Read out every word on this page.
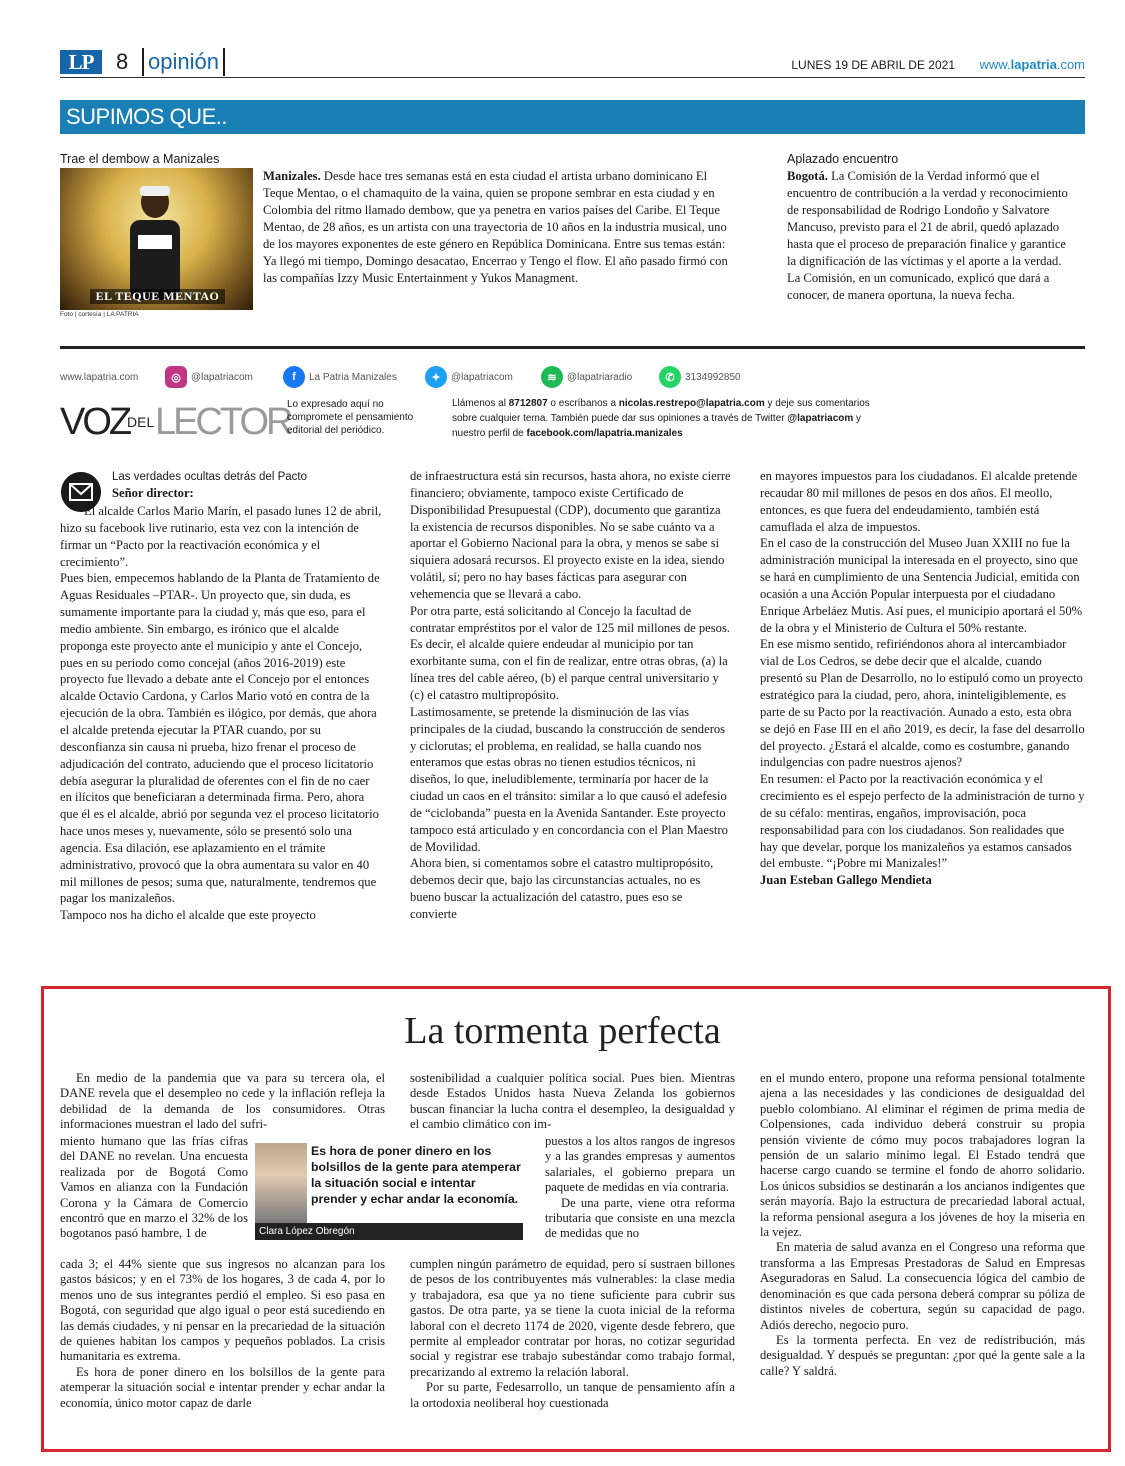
LP	8 opinión	LUNES 19 DE ABRIL DE 2021 www.lapatria.com
SUPIMOS QUE..
Trae el dembow a Manizales
EL TEQUE MENTAO
Foto | cortesía | LA PATRIA
Manizales. Desde hace tres semanas está en esta ciudad el artista urbano dominicano El Teque Mentao, o el chamaquito de la vaina, quien se propone sembrar en esta ciudad y en Colombia del ritmo llamado dembow, que ya penetra en varios países del Caribe. El Teque Mentao, de 28 años, es un artista con una trayectoria de 10 años en la industria musical, uno de los mayores exponentes de este género en República Dominicana. Entre sus temas están: Ya llegó mi tiempo, Domingo desacatao, Encerrao y Tengo el flow. El año pasado firmó con las compañías Izzy Music Entertainment y Yukos Managment.
Aplazado encuentro
Bogotá. La Comisión de la Verdad informó que el encuentro de contribución a la verdad y reconocimiento de responsabilidad de Rodrigo Londoño y Salvatore Mancuso, previsto para el 21 de abril, quedó aplazado hasta que el proceso de preparación finalice y garantice la dignificación de las víctimas y el aporte a la verdad. La Comisión, en un comunicado, explicó que dará a conocer, de manera oportuna, la nueva fecha.
www.lapatria.com	◎	@lapatriacom	f	La Patria Manizales	✦	@lapatriacom	≋	@lapatriaradio	✆	3134992850
VOZ
DEL LECTOR
Lo expresado aquí no compromete el pensamiento editorial del periódico.
Llámenos al 8712807 o escríbanos a nicolas.restrepo@lapatria.com y deje sus comentarios sobre cualquier tema. También puede dar sus opiniones a través de Twitter @lapatriacom y nuestro perfil de facebook.com/lapatria.manizales
Las verdades ocultas detrás del Pacto
Señor director:

El alcalde Carlos Mario Marín, el pasado lunes 12 de abril, hizo su facebook live rutinario, esta vez con la intención de firmar un “Pacto por la reactivación económica y el crecimiento”.

Pues bien, empecemos hablando de la Planta de Tratamiento de Aguas Residuales –PTAR-. Un proyecto que, sin duda, es sumamente importante para la ciudad y, más que eso, para el medio ambiente. Sin embargo, es irónico que el alcalde proponga este proyecto ante el municipio y ante el Concejo, pues en su periodo como concejal (años 2016-2019) este proyecto fue llevado a debate ante el Concejo por el entonces alcalde Octavio Cardona, y Carlos Mario votó en contra de la ejecución de la obra. También es ilógico, por demás, que ahora el alcalde pretenda ejecutar la PTAR cuando, por su desconfianza sin causa ni prueba, hizo frenar el proceso de adjudicación del contrato, aduciendo que el proceso licitatorio debía asegurar la pluralidad de oferentes con el fin de no caer en ilícitos que beneficiaran a determinada firma. Pero, ahora que él es el alcalde, abrió por segunda vez el proceso licitatorio hace unos meses y, nuevamente, sólo se presentó solo una agencia. Esa dilación, ese aplazamiento en el trámite administrativo, provocó que la obra aumentara su valor en 40 mil millones de pesos; suma que, naturalmente, tendremos que pagar los manizaleños.

Tampoco nos ha dicho el alcalde que este proyecto

de infraestructura está sin recursos, hasta ahora, no existe cierre financiero; obviamente, tampoco existe Certificado de Disponibilidad Presupuestal (CDP), documento que garantiza la existencia de recursos disponibles. No se sabe cuánto va a aportar el Gobierno Nacional para la obra, y menos se sabe si siquiera adosará recursos. El proyecto existe en la idea, siendo volátil, sí; pero no hay bases fácticas para asegurar con vehemencia que se llevará a cabo.

Por otra parte, está solicitando al Concejo la facultad de contratar empréstitos por el valor de 125 mil millones de pesos. Es decir, el alcalde quiere endeudar al municipio por tan exorbitante suma, con el fin de realizar, entre otras obras, (a) la línea tres del cable aéreo, (b) el parque central universitario y (c) el catastro multipropósito.

Lastimosamente, se pretende la disminución de las vías principales de la ciudad, buscando la construcción de senderos y ciclorutas; el problema, en realidad, se halla cuando nos enteramos que estas obras no tienen estudios técnicos, ni diseños, lo que, ineludiblemente, terminaría por hacer de la ciudad un caos en el tránsito: similar a lo que causó el adefesio de “ciclobanda” puesta en la Avenida Santander. Este proyecto tampoco está articulado y en concordancia con el Plan Maestro de Movilidad.

Ahora bien, si comentamos sobre el catastro multipropósito, debemos decir que, bajo las circunstancias actuales, no es bueno buscar la actualización del catastro, pues eso se convierte

en mayores impuestos para los ciudadanos. El alcalde pretende recaudar 80 mil millones de pesos en dos años. El meollo, entonces, es que fuera del endeudamiento, también está camuflada el alza de impuestos.

En el caso de la construcción del Museo Juan XXIII no fue la administración municipal la interesada en el proyecto, sino que se hará en cumplimiento de una Sentencia Judicial, emitida con ocasión a una Acción Popular interpuesta por el ciudadano Enrique Arbeláez Mutis. Así pues, el municipio aportará el 50% de la obra y el Ministerio de Cultura el 50% restante.

En ese mismo sentido, refiriéndonos ahora al intercambiador vial de Los Cedros, se debe decir que el alcalde, cuando presentó su Plan de Desarrollo, no lo estipuló como un proyecto estratégico para la ciudad, pero, ahora, ininteligiblemente, es parte de su Pacto por la reactivación. Aunado a esto, esta obra se dejó en Fase III en el año 2019, es decir, la fase del desarrollo del proyecto. ¿Estará el alcalde, como es costumbre, ganando indulgencias con padre nuestros ajenos?

En resumen: el Pacto por la reactivación económica y el crecimiento es el espejo perfecto de la administración de turno y de su céfalo: mentiras, engaños, improvisación, poca responsabilidad para con los ciudadanos. Son realidades que hay que develar, porque los manizaleños ya estamos cansados del embuste. “¡Pobre mi Manizales!”

Juan Esteban Gallego Mendieta

La tormenta perfecta

En medio de la pandemia que va para su tercera ola, el DANE revela que el desempleo no cede y la inflación refleja la debilidad de la demanda de los consumidores. Otras informaciones muestran el lado del sufri-

miento humano que las frías cifras del DANE no revelan. Una encuesta realizada por de Bogotá Como Vamos en alianza con la Fundación Corona y la Cámara de Comercio encontró que en marzo el 32% de los bogotanos pasó hambre, 1 de

cada 3; el 44% siente que sus ingresos no alcanzan para los gastos básicos; y en el 73% de los hogares, 3 de cada 4, por lo menos uno de sus integrantes perdió el empleo. Si eso pasa en Bogotá, con seguridad que algo igual o peor está sucediendo en las demás ciudades, y ni pensar en la precariedad de la situación de quienes habitan los campos y pequeños poblados. La crisis humanitaria es extrema.

Es hora de poner dinero en los bolsillos de la gente para atemperar la situación social e intentar prender y echar andar la economía, único motor capaz de darle

Es hora de poner dinero en los bolsillos de la gente para atemperar la situación social e intentar prender y echar andar la economía.
Clara López Obregón

sostenibilidad a cualquier política social. Pues bien. Mientras desde Estados Unidos hasta Nueva Zelanda los gobiernos buscan financiar la lucha contra el desempleo, la desigualdad y el cambio climático con im-

puestos a los altos rangos de ingresos y a las grandes empresas y aumentos salariales, el gobierno prepara un paquete de medidas en vía contraria.

De una parte, viene otra reforma tributaria que consiste en una mezcla de medidas que no

cumplen ningún parámetro de equidad, pero sí sustraen billones de pesos de los contribuyentes más vulnerables: la clase media y trabajadora, esa que ya no tiene suficiente para cubrir sus gastos. De otra parte, ya se tiene la cuota inicial de la reforma laboral con el decreto 1174 de 2020, vigente desde febrero, que permite al empleador contratar por horas, no cotizar seguridad social y registrar ese trabajo subestándar como trabajo formal, precarizando al extremo la relación laboral.

Por su parte, Fedesarrollo, un tanque de pensamiento afín a la ortodoxia neoliberal hoy cuestionada

en el mundo entero, propone una reforma pensional totalmente ajena a las necesidades y las condiciones de desigualdad del pueblo colombiano. Al eliminar el régimen de prima media de Colpensiones, cada individuo deberá construir su propia pensión viviente de cómo muy pocos trabajadores logran la pensión de un salario mínimo legal. El Estado tendrá que hacerse cargo cuando se termine el fondo de ahorro solidario. Los únicos subsidios se destinarán a los ancianos indigentes que serán mayoría. Bajo la estructura de precariedad laboral actual, la reforma pensional asegura a los jóvenes de hoy la miseria en la vejez.

En materia de salud avanza en el Congreso una reforma que transforma a las Empresas Prestadoras de Salud en Empresas Aseguradoras en Salud. La consecuencia lógica del cambio de denominación es que cada persona deberá comprar su póliza de distintos niveles de cobertura, según su capacidad de pago. Adiós derecho, negocio puro.

Es la tormenta perfecta. En vez de redistribución, más desigualdad. Y después se preguntan: ¿por qué la gente sale a la calle? Y saldrá.
